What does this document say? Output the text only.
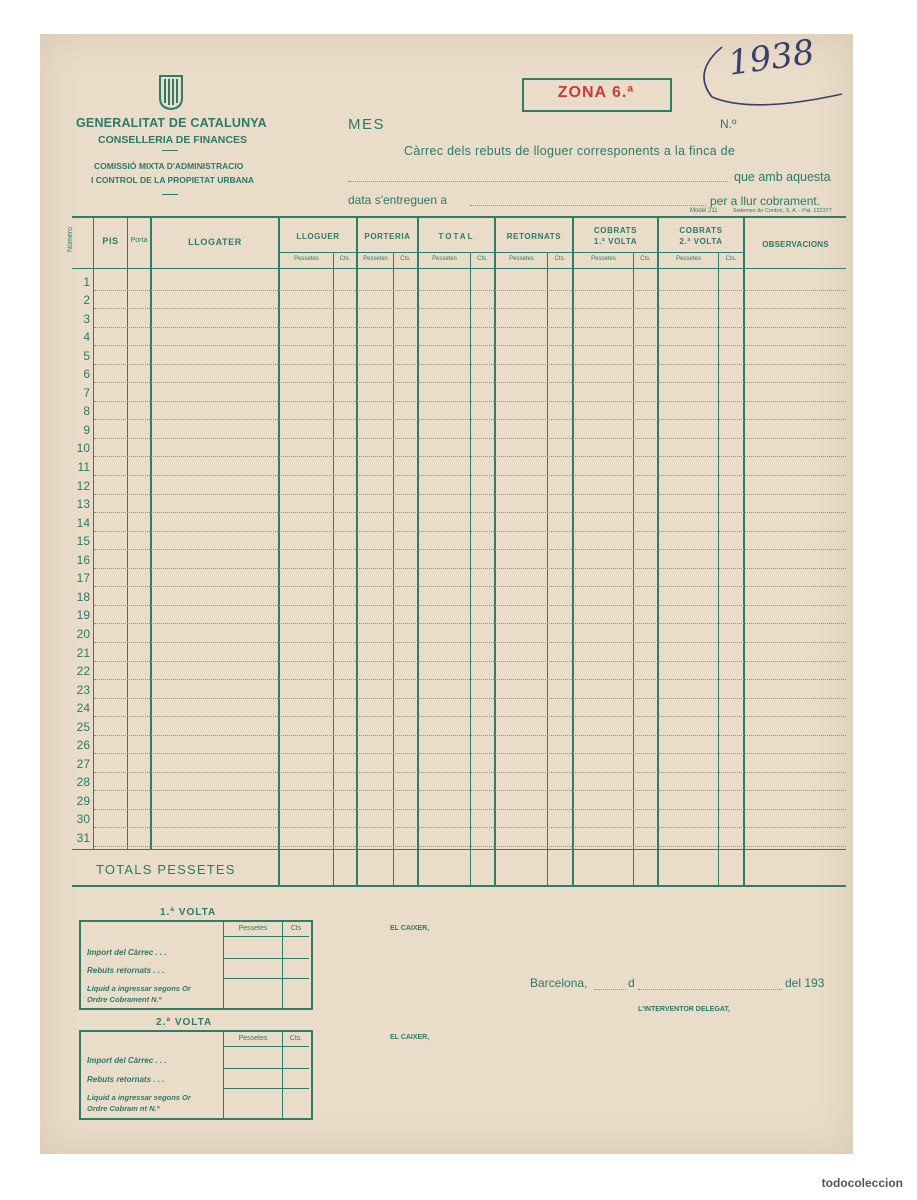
GENERALITAT DE CATALUNYA
CONSELLERIA DE FINANCES
COMISSIÓ MIXTA D'ADMINISTRACIO
I CONTROL DE LA PROPIETAT URBANA
ZONA 6.ª
1938
MES	N.º
Càrrec dels rebuts de lloguer corresponents a la finca de
que amb aquesta
data s'entreguen a	per a llur cobrament.
Model 211	Sistemes de Control, S. A. - Pat. 122377
Número	PIS	Porta	LLOGATER
LLOGUER	PORTERIA	TOTAL	RETORNATS
COBRATS
1.ª VOLTA
COBRATS
2.ª VOLTA	OBSERVACIONS
Pessetes	Cts.	Pessetes	Cts.	Pessetes	Cts.	Pessetes	Cts.	Pessetes	Cts.	Pessetes	Cts.
1
2
3
4
5
6
7
8
9
10
11
12
13
14
15
16
17
18
19
20
21
22
23
24
25
26
27
28
29
30
31
TOTALS PESSETES
1.ª VOLTA
Pessetes	Cts
Import del Càrrec . . .
Rebuts retornats . . .
Líquid a ingressar segons Or
Ordre Cobrament N.º
2.ª VOLTA
Pessetes	Cts.
Import del Càrrec . . .
Rebuts retornats . . .
Liquid a ingressar segons Or
Ordre Cobram nt N.º
EL CAIXER,
Barcelona,	d	del 193
L'INTERVENTOR DELEGAT,
EL CAIXER,
todocoleccion
